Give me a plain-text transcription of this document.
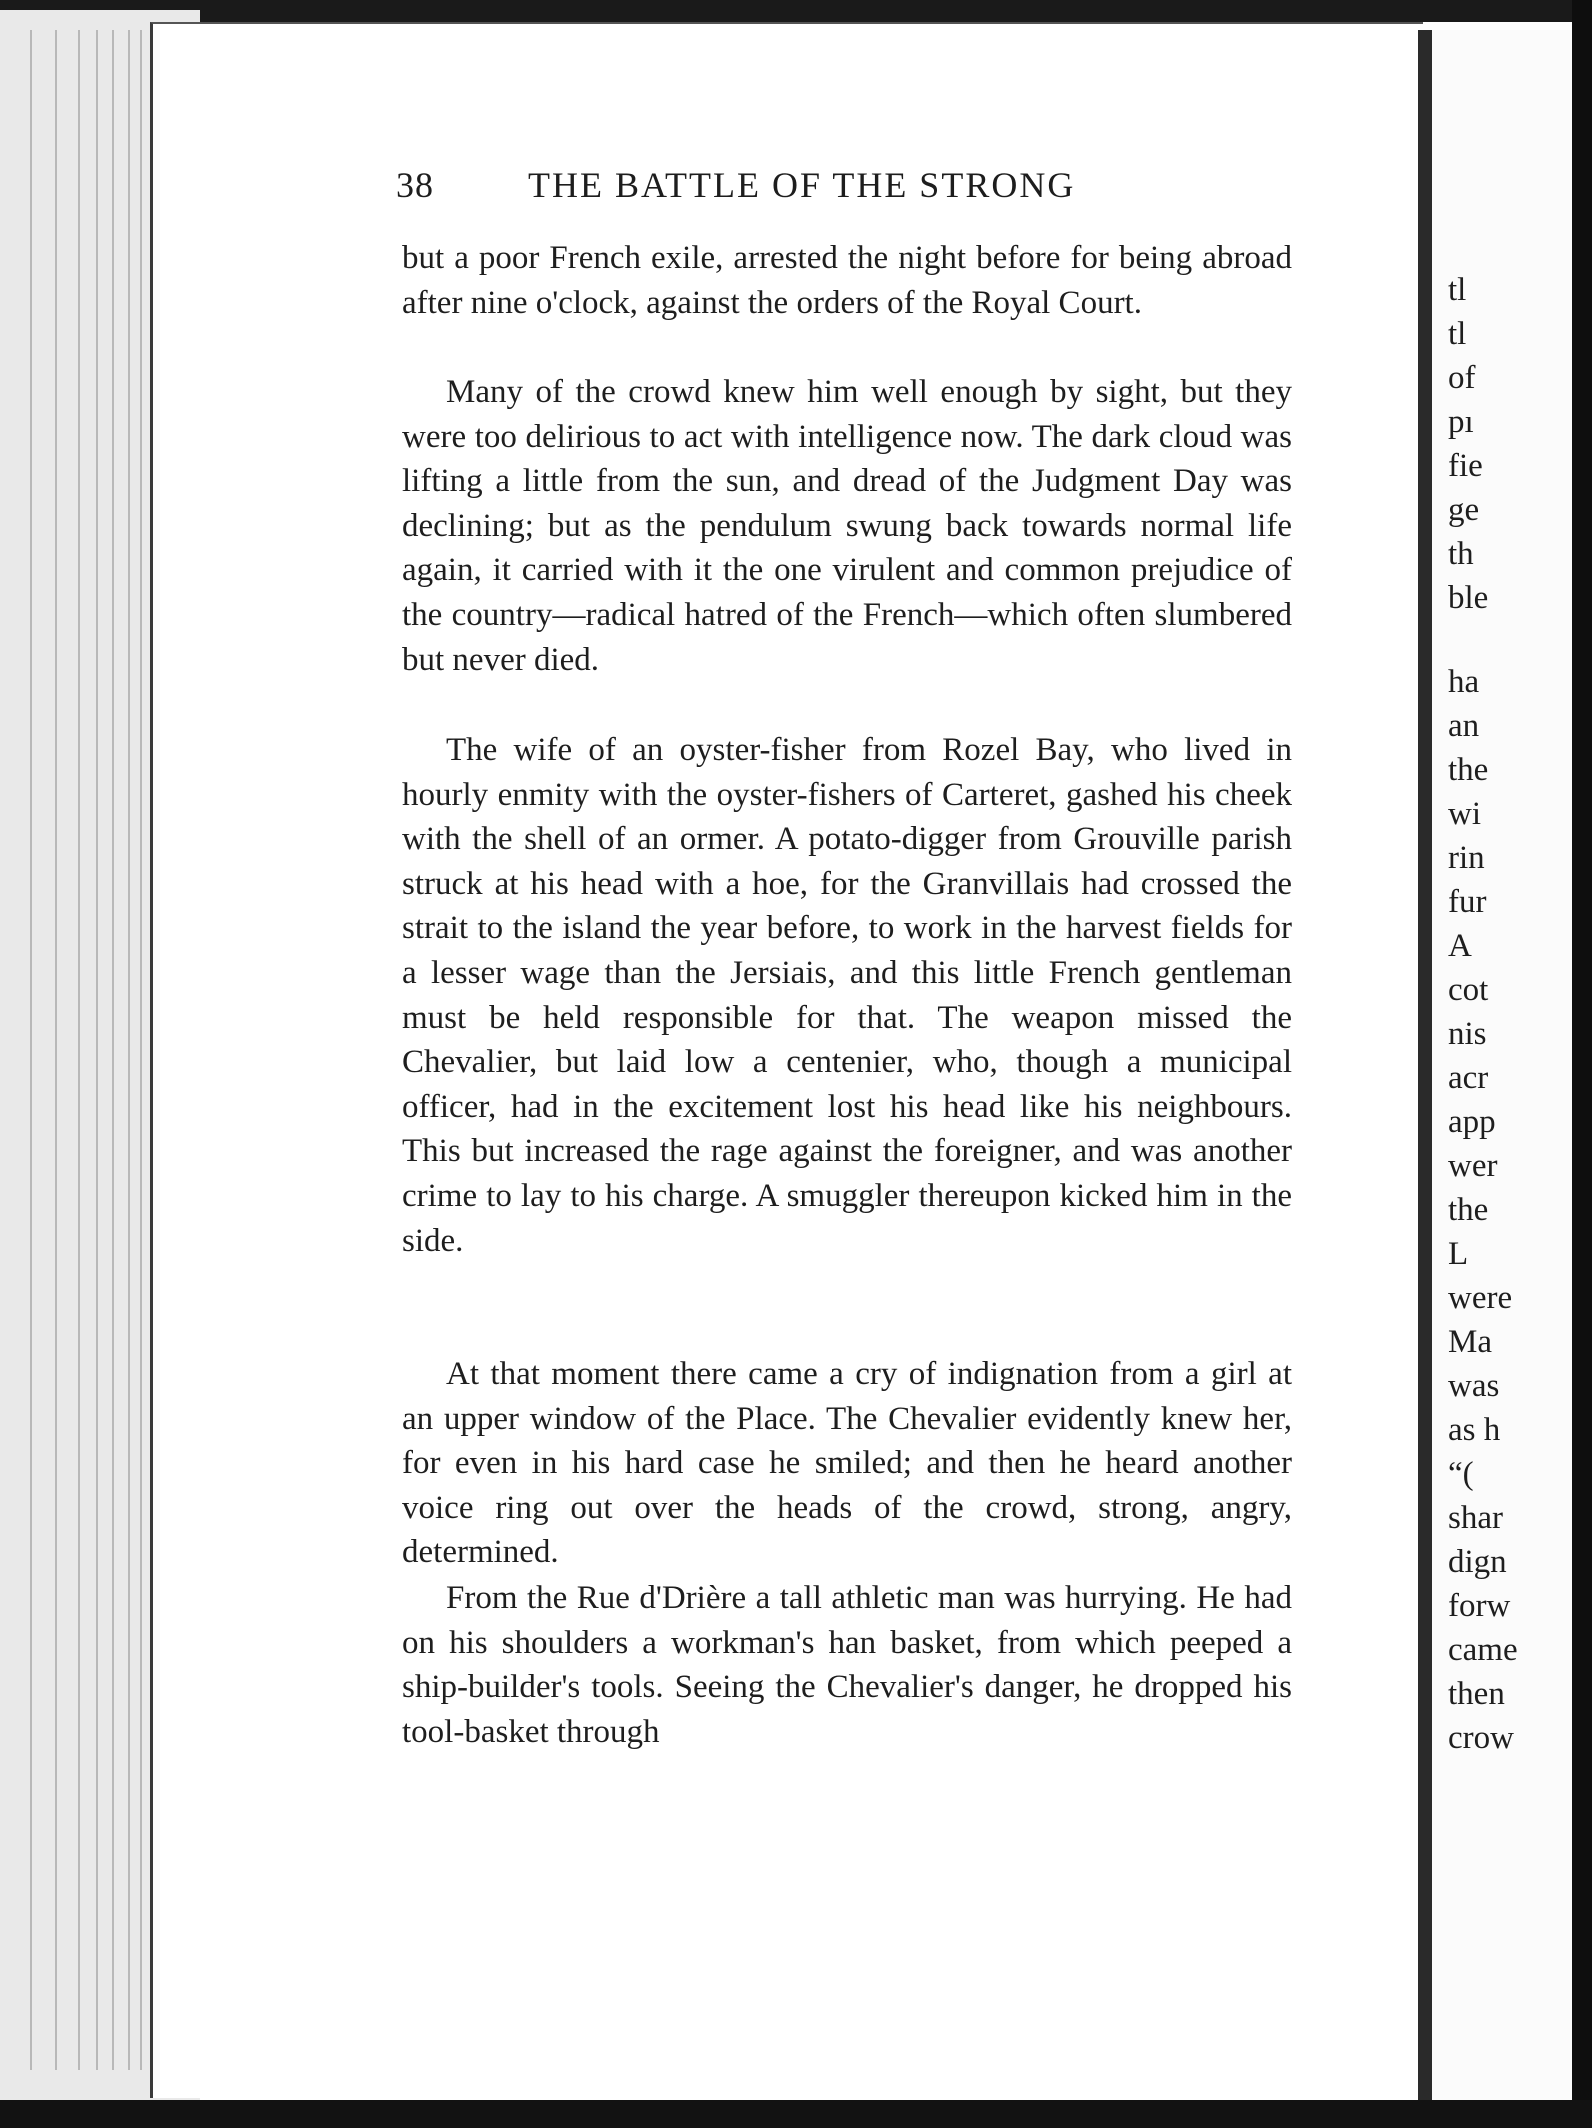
38	THE BATTLE OF THE STRONG

but a poor French exile, arrested the night before for being abroad after nine o'clock, against the orders of the Royal Court.

Many of the crowd knew him well enough by sight, but they were too delirious to act with intelligence now. The dark cloud was lifting a little from the sun, and dread of the Judgment Day was declining; but as the pendulum swung back towards normal life again, it carried with it the one virulent and common prejudice of the country—radical hatred of the French—which often slumbered but never died.

The wife of an oyster-fisher from Rozel Bay, who lived in hourly enmity with the oyster-fishers of Carteret, gashed his cheek with the shell of an ormer. A potato-digger from Grouville parish struck at his head with a hoe, for the Granvillais had crossed the strait to the island the year before, to work in the harvest fields for a lesser wage than the Jersiais, and this little French gentleman must be held responsible for that. The weapon missed the Chevalier, but laid low a centenier, who, though a municipal officer, had in the excitement lost his head like his neighbours. This but increased the rage against the foreigner, and was another crime to lay to his charge. A smuggler thereupon kicked him in the side.

At that moment there came a cry of indignation from a girl at an upper window of the Place. The Chevalier evidently knew her, for even in his hard case he smiled; and then he heard another voice ring out over the heads of the crowd, strong, angry, determined.

From the Rue d'Drière a tall athletic man was hurrying. He had on his shoulders a workman's han basket, from which peeped a ship-builder's tools. Seeing the Chevalier's danger, he dropped his tool-basket through

tl
tl
of
pı
fie
ge
th
ble
ha
an
the
wi
rin
fur
A
cot
nis
acr
app
wer
the
L
were
Ma
was
as h
“(
shar
dign
forw
came
then
crow
